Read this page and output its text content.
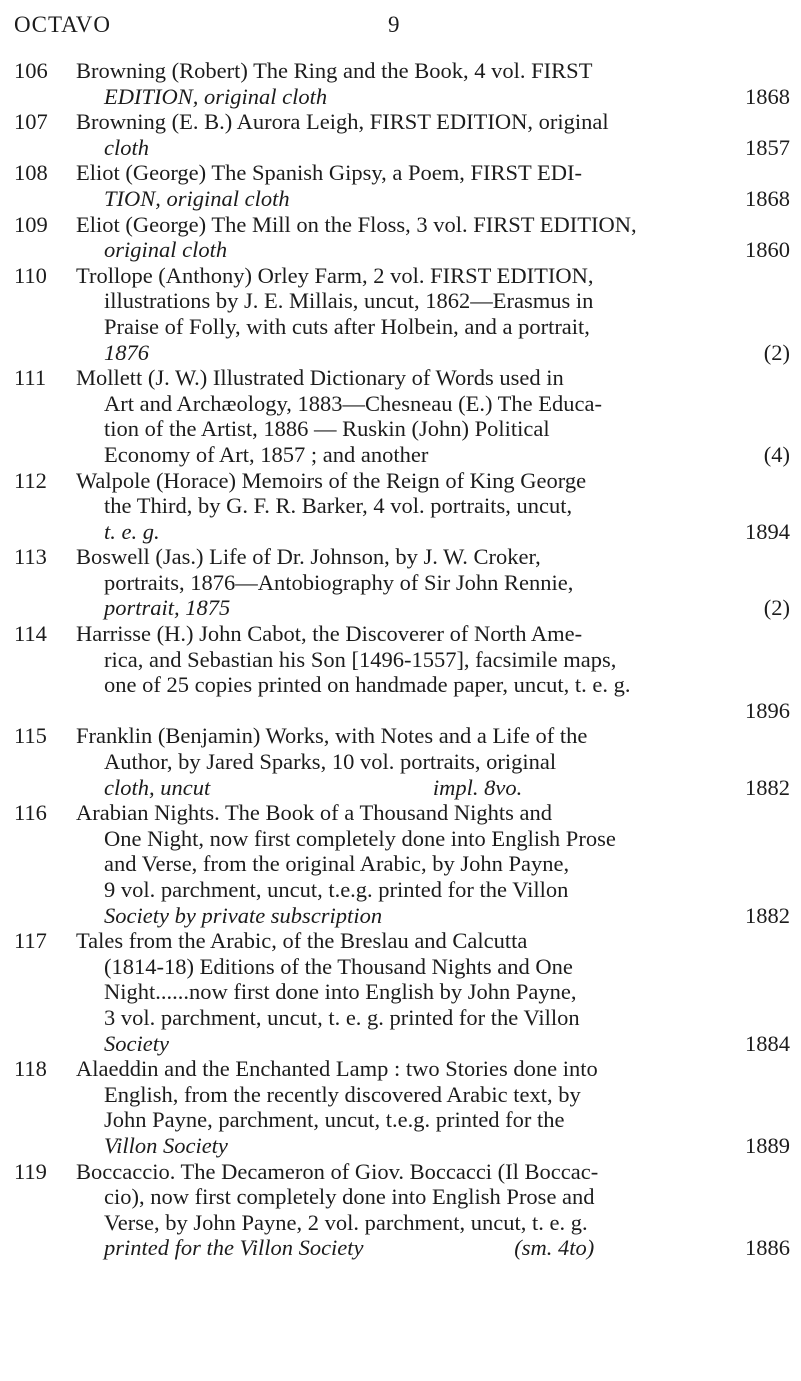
OCTAVO	9
106	Browning (Robert) The Ring and the Book, 4 vol. FIRST
EDITION, original cloth	1868
107	Browning (E. B.) Aurora Leigh, FIRST EDITION, original
cloth	1857
108	Eliot (George) The Spanish Gipsy, a Poem, FIRST EDI-
TION, original cloth	1868
109	Eliot (George) The Mill on the Floss, 3 vol. FIRST EDITION,
original cloth	1860
110	Trollope (Anthony) Orley Farm, 2 vol. FIRST EDITION,
illustrations by J. E. Millais, uncut, 1862—Erasmus in
Praise of Folly, with cuts after Holbein, and a portrait,
1876	(2)
111	Mollett (J. W.) Illustrated Dictionary of Words used in
Art and Archæology, 1883—Chesneau (E.) The Educa-
tion of the Artist, 1886 — Ruskin (John) Political
Economy of Art, 1857 ; and another	(4)
112	Walpole (Horace) Memoirs of the Reign of King George
the Third, by G. F. R. Barker, 4 vol. portraits, uncut,
t. e. g.	1894
113	Boswell (Jas.) Life of Dr. Johnson, by J. W. Croker,
portraits, 1876—Antobiography of Sir John Rennie,
portrait, 1875	(2)
114	Harrisse (H.) John Cabot, the Discoverer of North Ame-
rica, and Sebastian his Son [1496-1557], facsimile maps,
one of 25 copies printed on handmade paper, uncut, t. e. g.
1896
115	Franklin (Benjamin) Works, with Notes and a Life of the
Author, by Jared Sparks, 10 vol. portraits, original
cloth, uncut	impl. 8vo.	1882
116	Arabian Nights. The Book of a Thousand Nights and
One Night, now first completely done into English Prose
and Verse, from the original Arabic, by John Payne,
9 vol. parchment, uncut, t.e.g. printed for the Villon
Society by private subscription	1882
117	Tales from the Arabic, of the Breslau and Calcutta
(1814-18) Editions of the Thousand Nights and One
Night......now first done into English by John Payne,
3 vol. parchment, uncut, t. e. g. printed for the Villon
Society	1884
118	Alaeddin and the Enchanted Lamp : two Stories done into
English, from the recently discovered Arabic text, by
John Payne, parchment, uncut, t.e.g. printed for the
Villon Society	1889
119	Boccaccio. The Decameron of Giov. Boccacci (Il Boccac-
cio), now first completely done into English Prose and
Verse, by John Payne, 2 vol. parchment, uncut, t. e. g.
printed for the Villon Society	(sm. 4to)	1886
